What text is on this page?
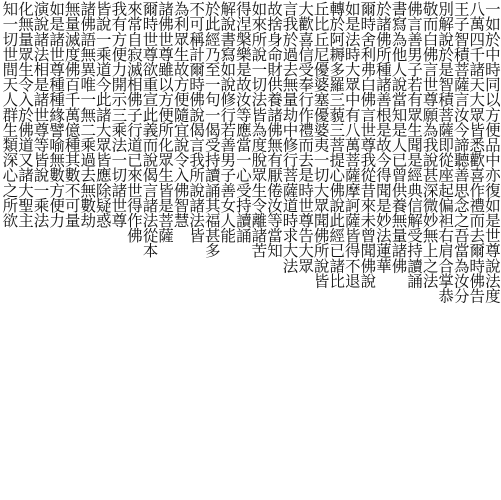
一如於中時同以方便品中亦復如是世尊說法度
八萬四千諸天大眾皆悉歡喜作禮而去爾時佛告
王子智積菩薩言汝今諦聽善思念之吾當為汝分
別解說於是智積菩薩即從座起偏袒右肩合掌恭
敬而白佛言世尊願為我說甚深微妙無上之法
佛言善男子若有眾生聞是經典信解受持讀誦
書寫為他人說當知是人已曾供養無量諸佛
於諸佛所種諸善根是故今得聞是妙法蓮華
爾時舍利弗白佛言世尊我從昔來未曾聞佛說
如是法時大眾中有八萬菩薩摩訶薩皆得不退
轉於阿耨多羅三藐三菩提心佛說此經已諸比
丘比丘尼優婆塞優婆夷一切大眾聞佛所說皆
大歡喜信受奉行作禮而去是時世尊告大眾
言我於過去無量劫中修行菩薩道時求大法
故捨身命財供養諸佛無有厭倦汝等當知
如來所說一切法皆為度脫眾生令離諸苦
得涅槃樂是故汝等應當一心受持讀誦
解說書寫如說修行若善男子善女人能
於此經乃至一句一偈受持讀誦其福甚多
不可稱計爾時佛說偈言我所說諸法皆
為利眾生故方便隨宜說令入佛智慧
諸佛世尊雖以方便所化眾生皆是菩薩
爾時世尊欲重宣此義而說偈言諸法從本
來常自寂滅相佛子行道已來世得作佛
我有方便力開示三乘法一切諸世尊
皆說一乘道今此諸大眾皆應除疑惑
諸佛語無異唯一無二乘過去無數劫
無量滅度佛百千萬億種其數不可量
如是諸世尊種種緣譬喻無數方便力
演說諸法相是諸世尊等皆說一乘法
化無量眾生令入於佛道又諸大聖主
知一切世間天人群生類深心之所欲
